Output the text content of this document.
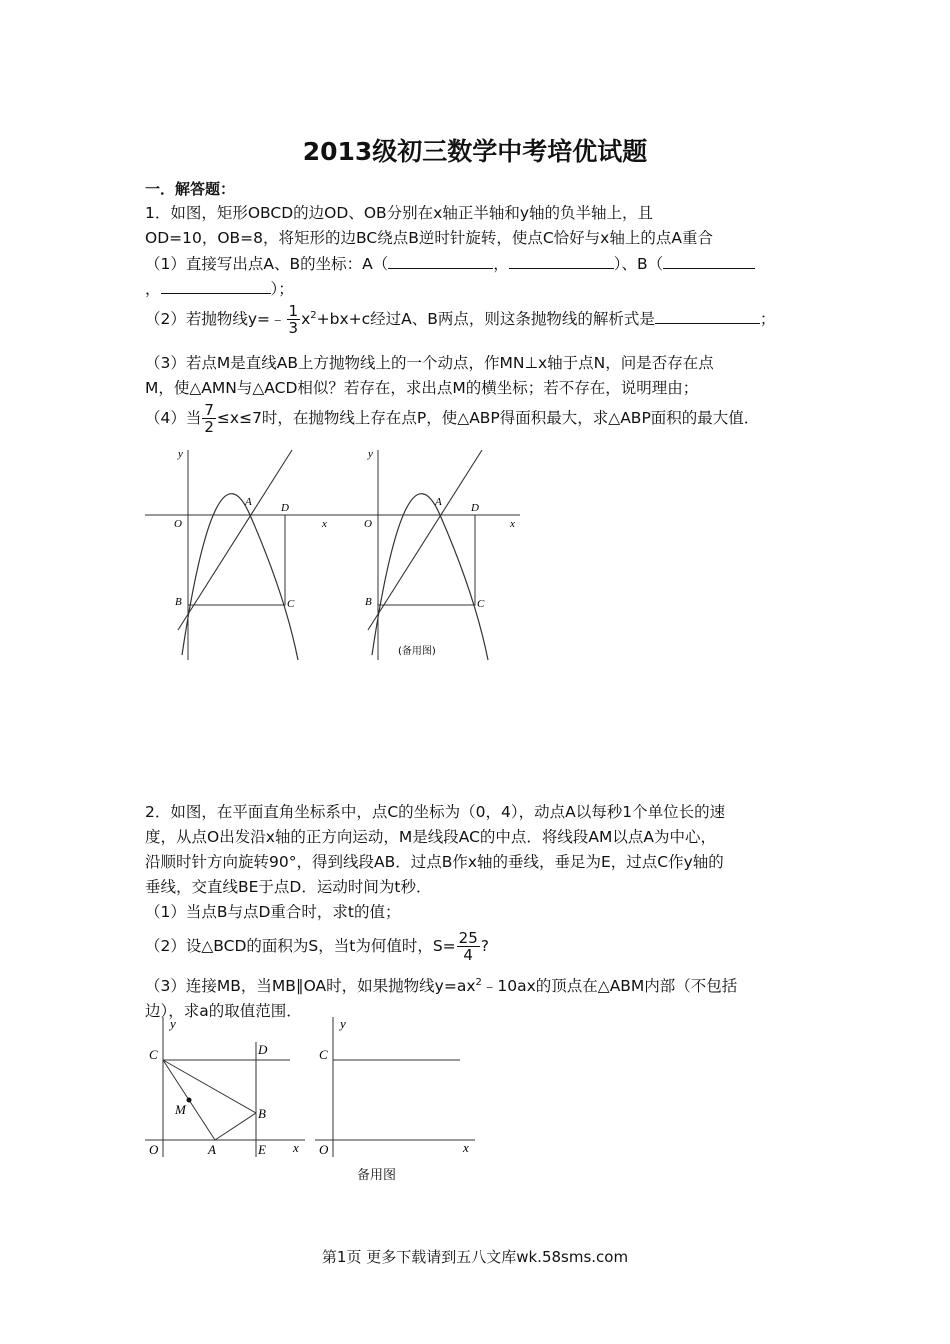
2013级初三数学中考培优试题
一．解答题：
1．如图，矩形OBCD的边OD、OB分别在x轴正半轴和y轴的负半轴上，且
OD=10，OB=8，将矩形的边BC绕点B逆时针旋转，使点C恰好与x轴上的点A重合
（1）直接写出点A、B的坐标：A（	，	）、B（
，	）；
（2）若抛物线y=﹣ $\frac{1}{3} x^2+bx+c$经过A、B两点，则这条抛物线的解析式是	；
（3）若点M是直线AB上方抛物线上的一个动点，作MN⊥x轴于点N，问是否存在点
M，使△AMN与△ACD相似？若存在，求出点M的横坐标；若不存在，说明理由；
（4）当 $\frac{7}{2} \le x\le 7$时，在抛物线上存在点P，使△ABP得面积最大，求△ABP面积的最大值．
y
x
O
A	D
B	C
y
x
O
A	D
B	C
(备用图)
2．如图，在平面直角坐标系中，点C的坐标为（0，4），动点A以每秒1个单位长的速
度，从点O出发沿x轴的正方向运动，M是线段AC的中点．将线段AM以点A为中心，
沿顺时针方向旋转90°，得到线段AB．过点B作x轴的垂线，垂足为E，过点C作y轴的
垂线，交直线BE于点D．运动时间为t秒．
（1）当点B与点D重合时，求t的值；
（2）设△BCD的面积为S，当t为何值时，$S= \frac{25}{4}$ ?
（3）连接MB，当MB∥OA时，如果抛物线$y=ax^2﹣10ax$的顶点在△ABM内部（不包括
边），求a的取值范围．
y
x
O
C	D
B
E
A
M
y
x
O
C
备用图
第1页 更多下载请到五八文库wk.58sms.com
